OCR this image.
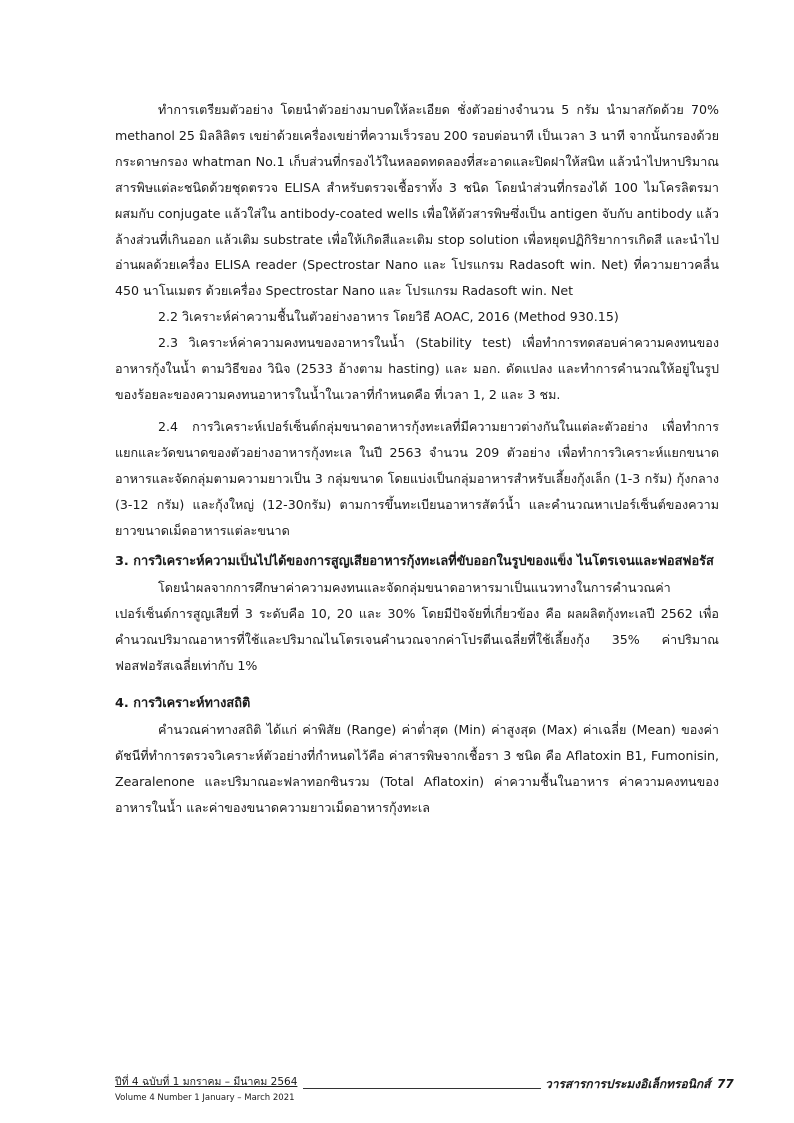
ทำการเตรียมตัวอย่าง โดยนำตัวอย่างมาบดให้ละเอียด ชั่งตัวอย่างจำนวน 5 กรัม นำมาสกัดด้วย 70% methanol 25 มิลลิลิตร เขย่าด้วยเครื่องเขย่าที่ความเร็วรอบ 200 รอบต่อนาที เป็นเวลา 3 นาที จากนั้นกรองด้วยกระดาษกรอง whatman No.1 เก็บส่วนที่กรองไว้ในหลอดทดลองที่สะอาดและปิดฝาให้สนิท แล้วนำไปหาปริมาณสารพิษแต่ละชนิดด้วยชุดตรวจ ELISA สำหรับตรวจเชื้อราทั้ง 3 ชนิด โดยนำส่วนที่กรองได้ 100 ไมโครลิตรมาผสมกับ conjugate แล้วใส่ใน antibody-coated wells เพื่อให้ตัวสารพิษซึ่งเป็น antigen จับกับ antibody แล้วล้างส่วนที่เกินออก แล้วเติม substrate เพื่อให้เกิดสีและเติม stop solution เพื่อหยุดปฏิกิริยาการเกิดสี และนำไปอ่านผลด้วยเครื่อง ELISA reader (Spectrostar Nano และ โปรแกรม Radasoft win. Net) ที่ความยาวคลื่น 450 นาโนเมตร ด้วยเครื่อง Spectrostar Nano และ โปรแกรม Radasoft win. Net

2.2 วิเคราะห์ค่าความชื้นในตัวอย่างอาหาร โดยวิธี AOAC, 2016 (Method 930.15)

2.3 วิเคราะห์ค่าความคงทนของอาหารในน้ำ (Stability test) เพื่อทำการทดสอบค่าความคงทนของอาหารกุ้งในน้ำ ตามวิธีของ วินิจ (2533 อ้างตาม hasting) และ มอก. ดัดแปลง และทำการคำนวณให้อยู่ในรูปของร้อยละของความคงทนอาหารในน้ำในเวลาที่กำหนดคือ ที่เวลา 1, 2 และ 3 ชม.

2.4 การวิเคราะห์เปอร์เซ็นต์กลุ่มขนาดอาหารกุ้งทะเลที่มีความยาวต่างกันในแต่ละตัวอย่าง เพื่อทำการแยกและวัดขนาดของตัวอย่างอาหารกุ้งทะเล ในปี 2563 จำนวน 209 ตัวอย่าง เพื่อทำการวิเคราะห์แยกขนาดอาหารและจัดกลุ่มตามความยาวเป็น 3 กลุ่มขนาด โดยแบ่งเป็นกลุ่มอาหารสำหรับเลี้ยงกุ้งเล็ก (1-3 กรัม) กุ้งกลาง (3-12 กรัม) และกุ้งใหญ่ (12-30กรัม) ตามการขึ้นทะเบียนอาหารสัตว์น้ำ และคำนวณหาเปอร์เซ็นต์ของความยาวขนาดเม็ดอาหารแต่ละขนาด

3. การวิเคราะห์ความเป็นไปได้ของการสูญเสียอาหารกุ้งทะเลที่ขับออกในรูปของแข็ง ไนโตรเจนและฟอสฟอรัส

โดยนำผลจากการศึกษาค่าความคงทนและจัดกลุ่มขนาดอาหารมาเป็นแนวทางในการคำนวณค่าเปอร์เซ็นต์การสูญเสียที่ 3 ระดับคือ 10, 20 และ 30% โดยมีปัจจัยที่เกี่ยวข้อง คือ ผลผลิตกุ้งทะเลปี 2562 เพื่อคำนวณปริมาณอาหารที่ใช้และปริมาณไนโตรเจนคำนวณจากค่าโปรตีนเฉลี่ยที่ใช้เลี้ยงกุ้ง 35% ค่าปริมาณฟอสฟอรัสเฉลี่ยเท่ากับ 1%

4. การวิเคราะห์ทางสถิติ

คำนวณค่าทางสถิติ ได้แก่ ค่าพิสัย (Range) ค่าต่ำสุด (Min) ค่าสูงสุด (Max) ค่าเฉลี่ย (Mean) ของค่าดัชนีที่ทำการตรวจวิเคราะห์ตัวอย่างที่กำหนดไว้คือ ค่าสารพิษจากเชื้อรา 3 ชนิด คือ Aflatoxin B1, Fumonisin, Zearalenone และปริมาณอะฟลาทอกซินรวม (Total Aflatoxin) ค่าความชื้นในอาหาร ค่าความคงทนของอาหารในน้ำ และค่าของขนาดความยาวเม็ดอาหารกุ้งทะเล

ปีที่ 4 ฉบับที่ 1 มกราคม – มีนาคม 2564
Volume 4 Number 1 January – March 2021
วารสารการประมงอิเล็กทรอนิกส์ 77
